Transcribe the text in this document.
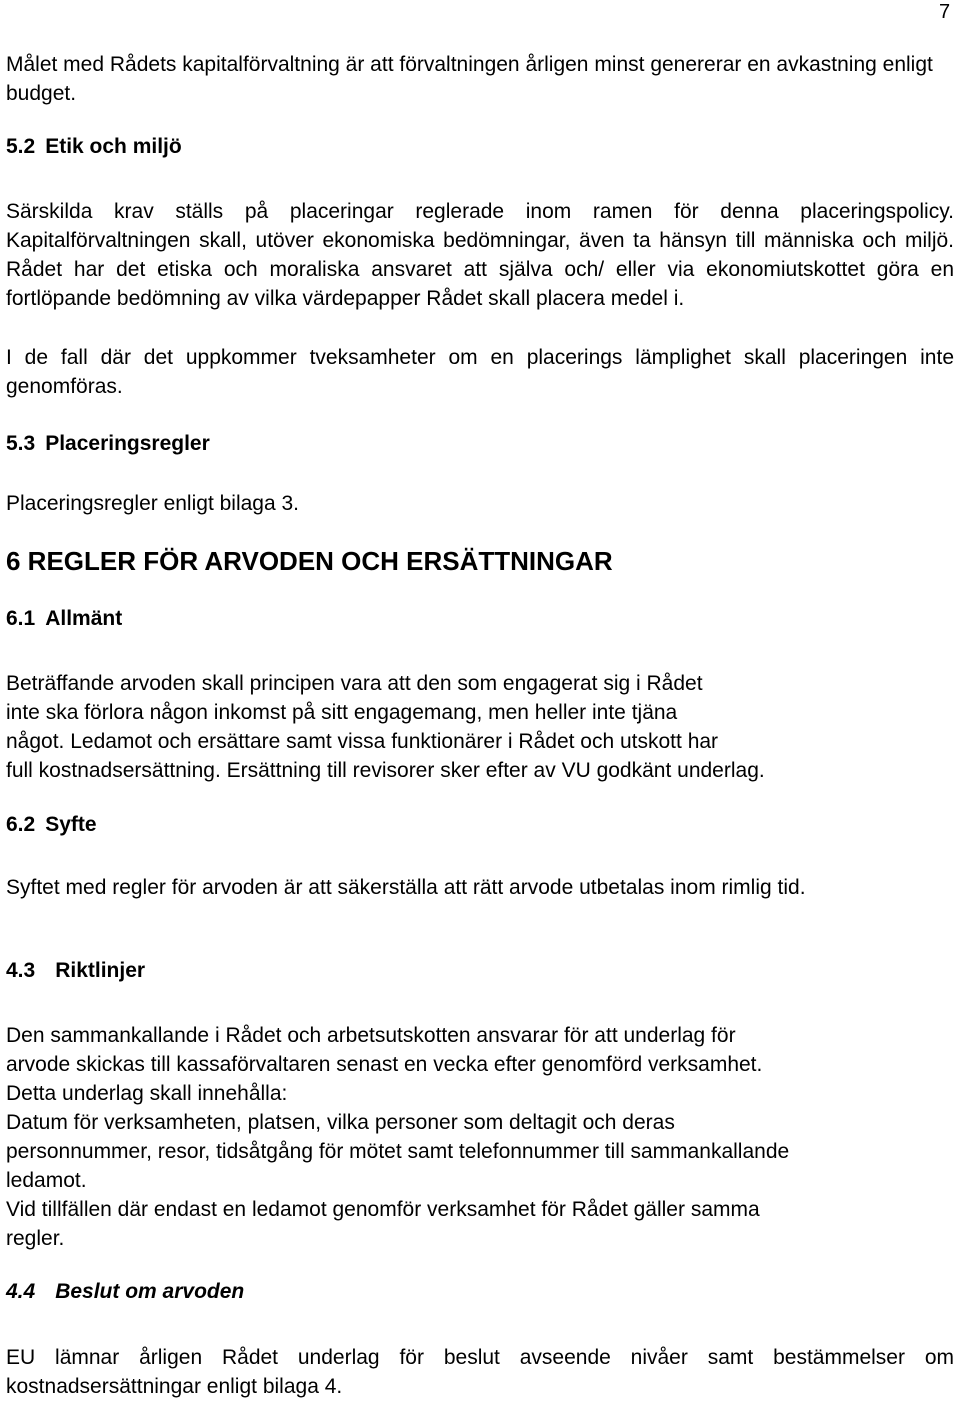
7

Målet med Rådets kapitalförvaltning är att förvaltningen årligen minst genererar en avkastning enligt budget.

5.2 Etik och miljö

Särskilda krav ställs på placeringar reglerade inom ramen för denna placeringspolicy. Kapitalförvaltningen skall, utöver ekonomiska bedömningar, även ta hänsyn till människa och miljö. Rådet har det etiska och moraliska ansvaret att själva och/ eller via ekonomiutskottet göra en fortlöpande bedömning av vilka värdepapper Rådet skall placera medel i.

I de fall där det uppkommer tveksamheter om en placerings lämplighet skall placeringen inte genomföras.

5.3 Placeringsregler

Placeringsregler enligt bilaga 3.

6 REGLER FÖR ARVODEN OCH ERSÄTTNINGAR
6.1 Allmänt
Beträffande arvoden skall principen vara att den som engagerat sig i Rådet
inte ska förlora någon inkomst på sitt engagemang, men heller inte tjäna
något. Ledamot och ersättare samt vissa funktionärer i Rådet och utskott har
full kostnadsersättning. Ersättning till revisorer sker efter av VU godkänt underlag.
6.2 Syfte

Syftet med regler för arvoden är att säkerställa att rätt arvode utbetalas inom rimlig tid.

4.3 Riktlinjer
Den sammankallande i Rådet och arbetsutskotten ansvarar för att underlag för
arvode skickas till kassaförvaltaren senast en vecka efter genomförd verksamhet.
Detta underlag skall innehålla:
Datum för verksamheten, platsen, vilka personer som deltagit och deras
personnummer, resor, tidsåtgång för mötet samt telefonnummer till sammankallande
ledamot.
Vid tillfällen där endast en ledamot genomför verksamhet för Rådet gäller samma
regler.
4.4 Beslut om arvoden

EU lämnar årligen Rådet underlag för beslut avseende nivåer samt bestämmelser om kostnadsersättningar enligt bilaga 4.
